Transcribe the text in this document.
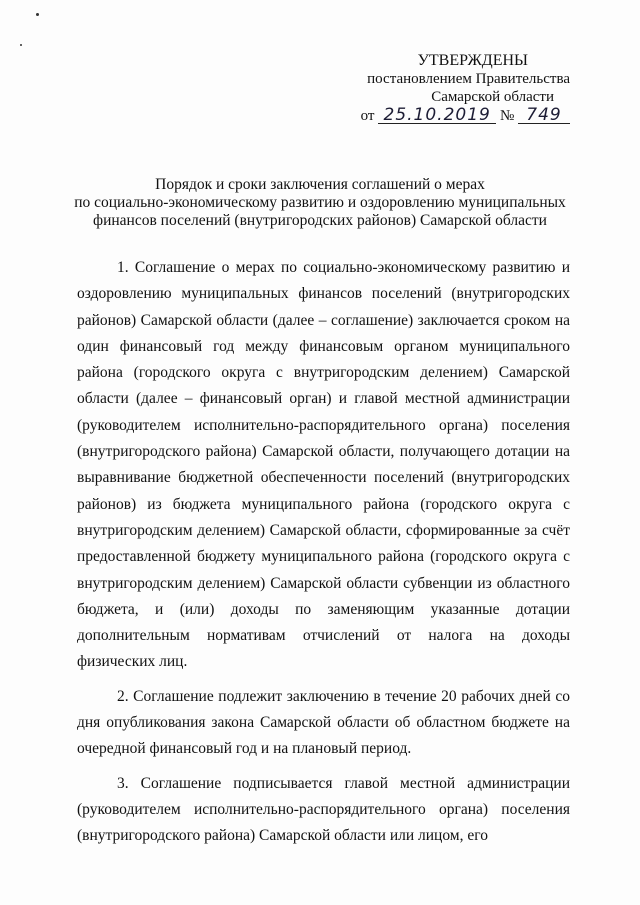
УТВЕРЖДЕНЫ
постановлением Правительства
Самарской области
от 25.10.2019 № 749
Порядок и сроки заключения соглашений о мерах
по социально-экономическому развитию и оздоровлению муниципальных
финансов поселений (внутригородских районов) Самарской области

1. Соглашение о мерах по социально-экономическому развитию и оздоровлению муниципальных финансов поселений (внутригородских районов) Самарской области (далее – соглашение) заключается сроком на один финансовый год между финансовым органом муниципального района (городского округа с внутригородским делением) Самарской области (далее – финансовый орган) и главой местной администрации (руководителем исполнительно-распорядительного органа) поселения (внутригородского района) Самарской области, получающего дотации на выравнивание бюджетной обеспеченности поселений (внутригородских районов) из бюджета муниципального района (городского округа с внутригородским делением) Самарской области, сформированные за счёт предоставленной бюджету муниципального района (городского округа с внутригородским делением) Самарской области субвенции из областного бюджета, и (или) доходы по заменяющим указанные дотации дополнительным нормативам отчислений от налога на доходы физических лиц.

2. Соглашение подлежит заключению в течение 20 рабочих дней со дня опубликования закона Самарской области об областном бюджете на очередной финансовый год и на плановый период.

3. Соглашение подписывается главой местной администрации (руководителем исполнительно-распорядительного органа) поселения (внутригородского района) Самарской области или лицом, его
